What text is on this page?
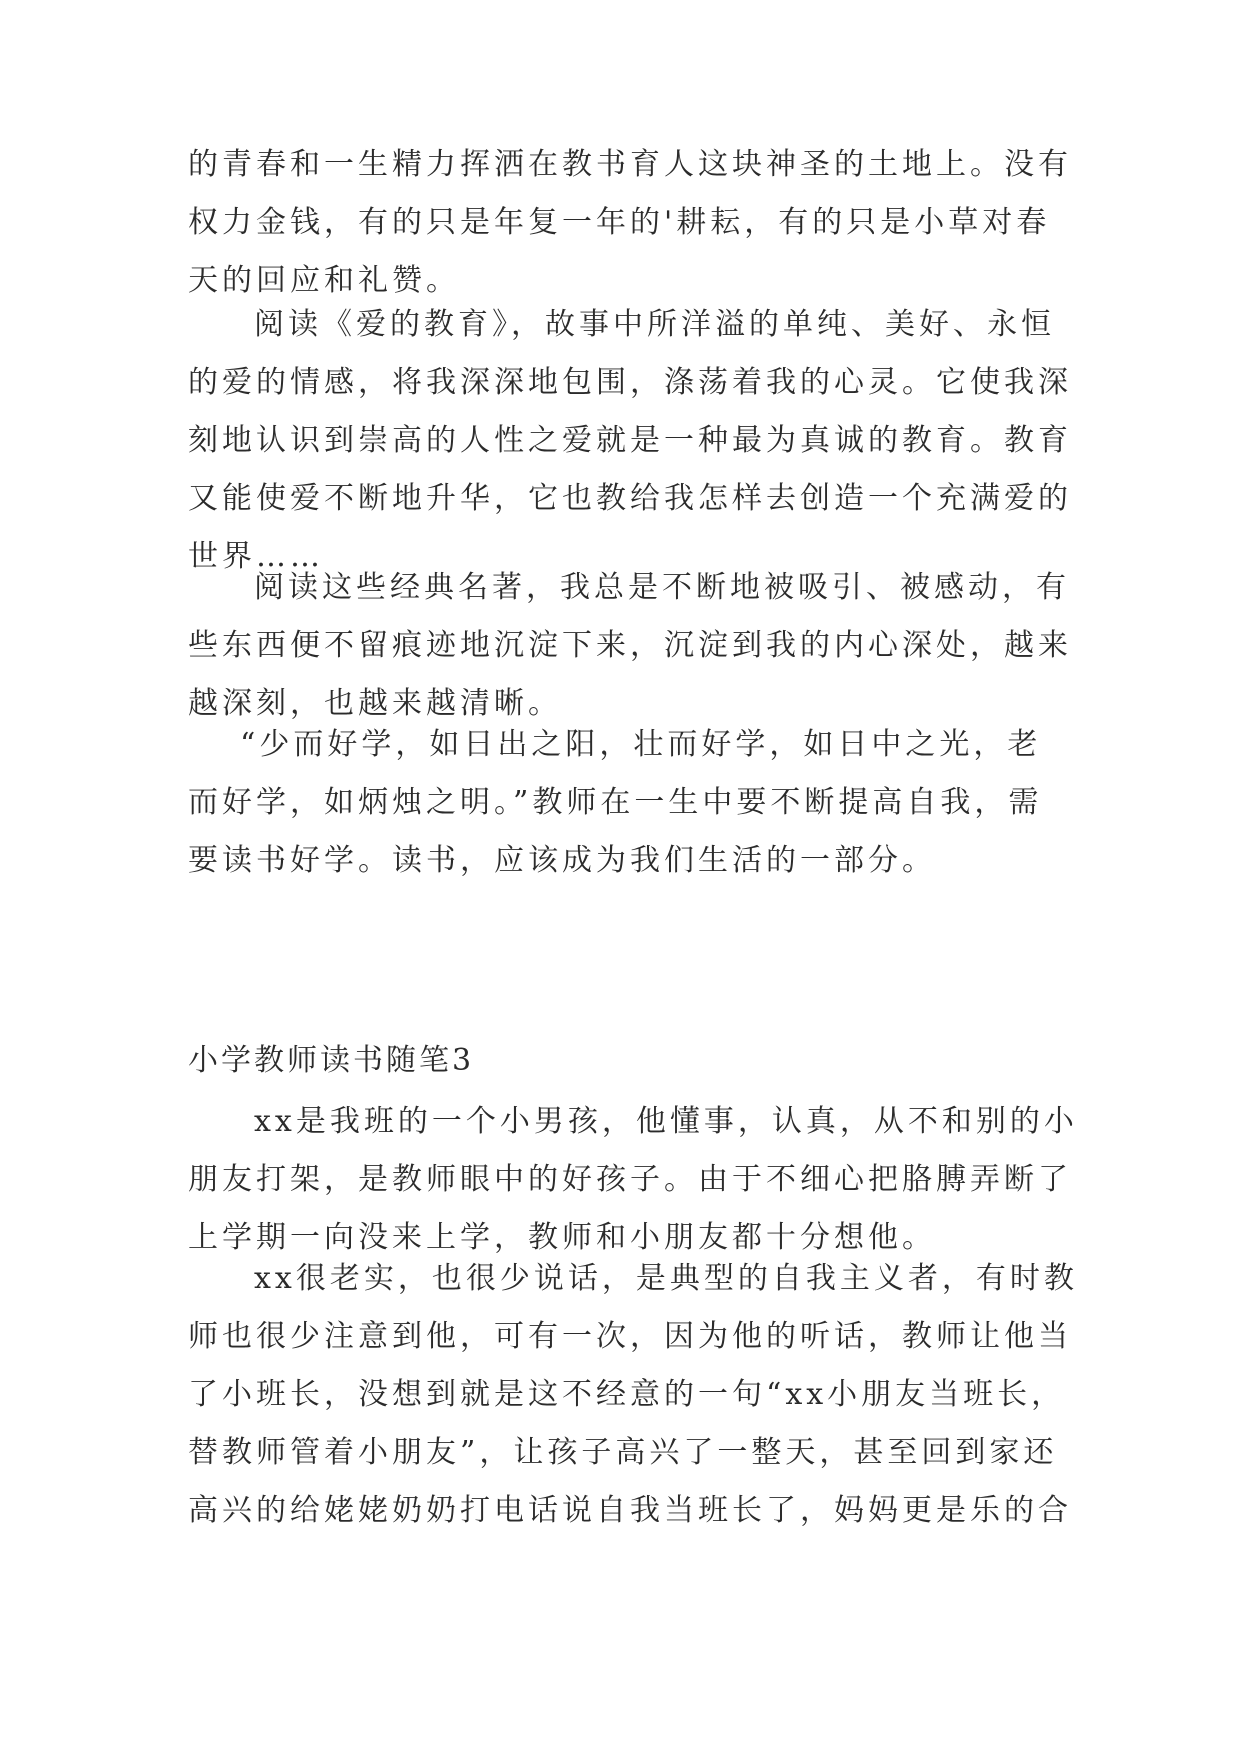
的青春和一生精力挥洒在教书育人这块神圣的土地上。没有
权力金钱，有的只是年复一年的'耕耘，有的只是小草对春
天的回应和礼赞。
阅读《爱的教育》，故事中所洋溢的单纯、美好、永恒
的爱的情感，将我深深地包围，涤荡着我的心灵。它使我深
刻地认识到崇高的人性之爱就是一种最为真诚的教育。教育
又能使爱不断地升华，它也教给我怎样去创造一个充满爱的
世界……
阅读这些经典名著，我总是不断地被吸引、被感动，有
些东西便不留痕迹地沉淀下来，沉淀到我的内心深处，越来
越深刻，也越来越清晰。
“少而好学，如日出之阳，壮而好学，如日中之光，老
而好学，如炳烛之明。”教师在一生中要不断提高自我，需
要读书好学。读书，应该成为我们生活的一部分。
小学教师读书随笔3
xx是我班的一个小男孩，他懂事，认真，从不和别的小
朋友打架，是教师眼中的好孩子。由于不细心把胳膊弄断了
上学期一向没来上学，教师和小朋友都十分想他。
xx很老实，也很少说话，是典型的自我主义者，有时教
师也很少注意到他，可有一次，因为他的听话，教师让他当
了小班长，没想到就是这不经意的一句“xx小朋友当班长，
替教师管着小朋友”，让孩子高兴了一整天，甚至回到家还
高兴的给姥姥奶奶打电话说自我当班长了，妈妈更是乐的合
